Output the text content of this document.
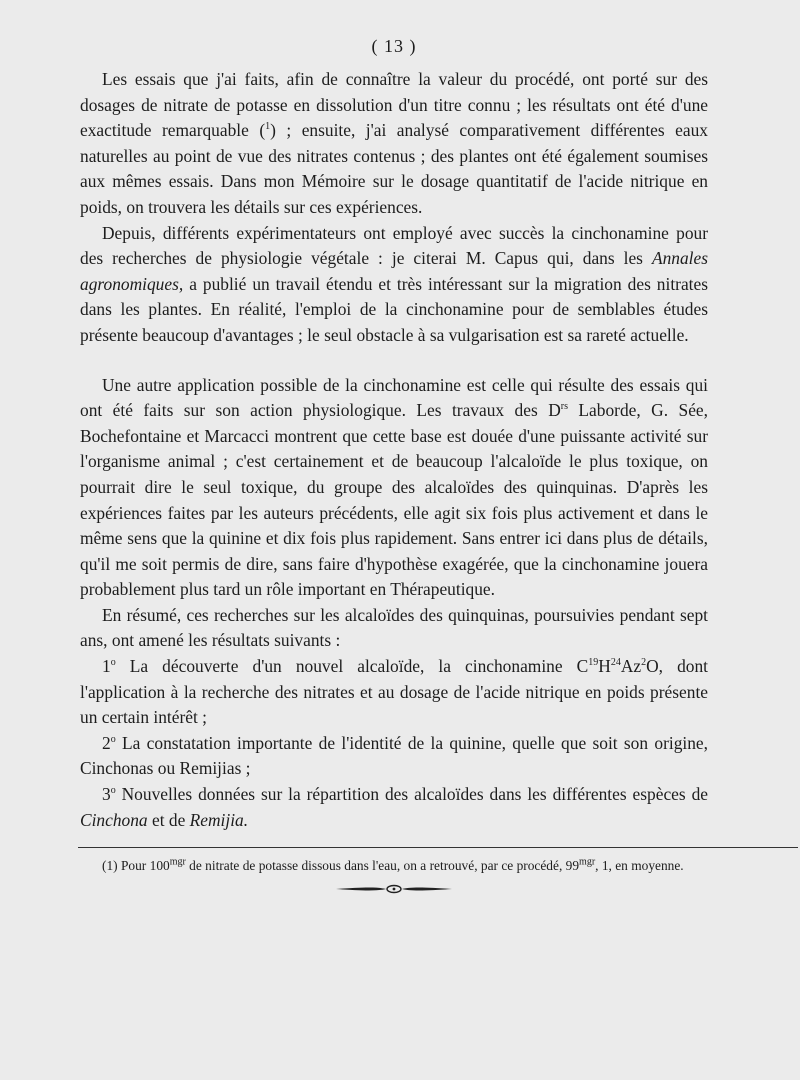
( 13 )

Les essais que j'ai faits, afin de connaître la valeur du procédé, ont porté sur des dosages de nitrate de potasse en dissolution d'un titre connu ; les résultats ont été d'une exactitude remarquable ($^1$) ; ensuite, j'ai analysé comparativement différentes eaux naturelles au point de vue des nitrates contenus ; des plantes ont été également soumises aux mêmes essais. Dans mon Mémoire sur le dosage quantitatif de l'acide nitrique en poids, on trouvera les détails sur ces expériences.

Depuis, différents expérimentateurs ont employé avec succès la cinchonamine pour des recherches de physiologie végétale : je citerai M. Capus qui, dans les Annales agronomiques, a publié un travail étendu et très intéressant sur la migration des nitrates dans les plantes. En réalité, l'emploi de la cinchonamine pour de semblables études présente beaucoup d'avantages ; le seul obstacle à sa vulgarisation est sa rareté actuelle.

Une autre application possible de la cinchonamine est celle qui résulte des essais qui ont été faits sur son action physiologique. Les travaux des $D^{rs}$ Laborde, G. Sée, Bochefontaine et Marcacci montrent que cette base est douée d'une puissante activité sur l'organisme animal ; c'est certainement et de beaucoup l'alcaloïde le plus toxique, on pourrait dire le seul toxique, du groupe des alcaloïdes des quinquinas. D'après les expériences faites par les auteurs précédents, elle agit six fois plus activement et dans le même sens que la quinine et dix fois plus rapidement. Sans entrer ici dans plus de détails, qu'il me soit permis de dire, sans faire d'hypothèse exagérée, que la cinchonamine jouera probablement plus tard un rôle important en Thérapeutique.

En résumé, ces recherches sur les alcaloïdes des quinquinas, poursuivies pendant sept ans, ont amené les résultats suivants :

1$^o$ La découverte d'un nouvel alcaloïde, la cinchonamine $C^{19}H^{24}Az^2O$, dont l'application à la recherche des nitrates et au dosage de l'acide nitrique en poids présente un certain intérêt ;

2$^o$ La constatation importante de l'identité de la quinine, quelle que soit son origine, Cinchonas ou Remijias ;

3$^o$ Nouvelles données sur la répartition des alcaloïdes dans les différentes espèces de Cinchona et de Remijia.

(1) Pour $100^{mgr}$ de nitrate de potasse dissous dans l'eau, on a retrouvé, par ce procédé, $99^{mgr}$, 1, en moyenne.
